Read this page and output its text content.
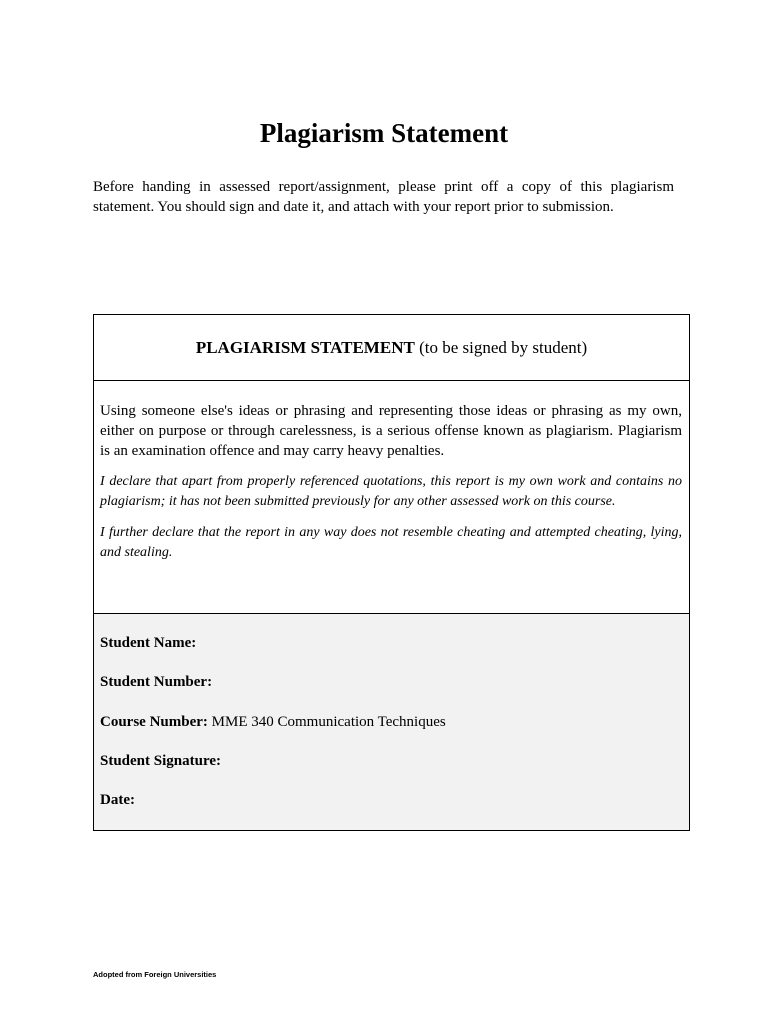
Plagiarism Statement

Before handing in assessed report/assignment, please print off a copy of this plagiarism statement. You should sign and date it, and attach with your report prior to submission.

PLAGIARISM STATEMENT (to be signed by student)

Using someone else's ideas or phrasing and representing those ideas or phrasing as my own, either on purpose or through carelessness, is a serious offense known as plagiarism. Plagiarism is an examination offence and may carry heavy penalties.

I declare that apart from properly referenced quotations, this report is my own work and contains no plagiarism; it has not been submitted previously for any other assessed work on this course.

I further declare that the report in any way does not resemble cheating and attempted cheating, lying, and stealing.

Student Name:
Student Number:
Course Number: MME 340 Communication Techniques
Student Signature:
Date:

Adopted from Foreign Universities
